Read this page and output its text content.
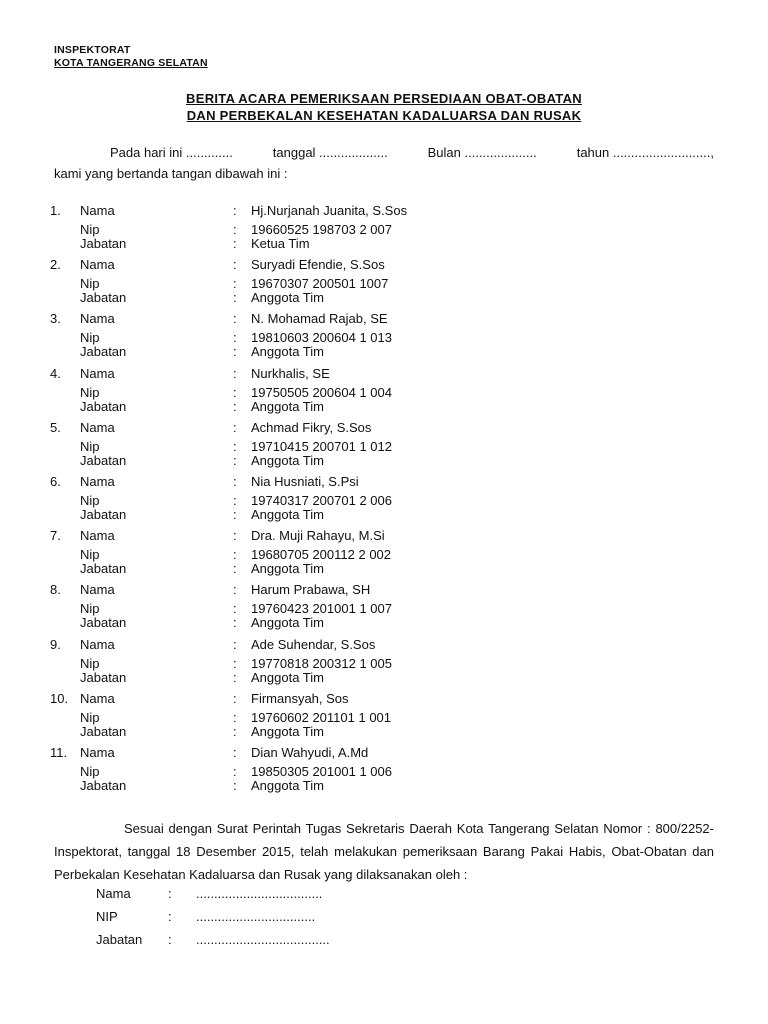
INSPEKTORAT
KOTA TANGERANG SELATAN
BERITA ACARA PEMERIKSAAN PERSEDIAAN OBAT-OBATAN
DAN PERBEKALAN KESEHATAN KADALUARSA DAN RUSAK
Pada hari ini .............	tanggal ...................	Bulan ....................	tahun ...........................,
kami yang bertanda tangan dibawah ini :
1.	Nama	: Hj.Nurjanah Juanita, S.Sos
Nip	: 19660525 198703 2 007
Jabatan	: Ketua Tim
2.	Nama	: Suryadi Efendie, S.Sos
Nip	: 19670307 200501 1007
Jabatan	: Anggota Tim
3.	Nama	: N. Mohamad Rajab, SE
Nip	: 19810603 200604 1 013
Jabatan	: Anggota Tim
4.	Nama	: Nurkhalis, SE
Nip	: 19750505 200604 1 004
Jabatan	: Anggota Tim
5.	Nama	: Achmad Fikry, S.Sos
Nip	: 19710415 200701 1 012
Jabatan	: Anggota Tim
6.	Nama	: Nia Husniati, S.Psi
Nip	: 19740317 200701 2 006
Jabatan	: Anggota Tim
7.	Nama	: Dra. Muji Rahayu, M.Si
Nip	: 19680705 200112 2 002
Jabatan	: Anggota Tim
8.	Nama	: Harum Prabawa, SH
Nip	: 19760423 201001 1 007
Jabatan	: Anggota Tim
9.	Nama	: Ade Suhendar, S.Sos
Nip	: 19770818 200312 1 005
Jabatan	: Anggota Tim
10. Nama	: Firmansyah, Sos
Nip	: 19760602 201101 1 001
Jabatan	: Anggota Tim
11. Nama	: Dian Wahyudi, A.Md
Nip	: 19850305 201001 1 006
Jabatan	: Anggota Tim

Sesuai dengan Surat Perintah Tugas Sekretaris Daerah Kota Tangerang Selatan Nomor : 800/2252-Inspektorat, tanggal 18 Desember 2015, telah melakukan pemeriksaan Barang Pakai Habis, Obat-Obatan dan Perbekalan Kesehatan Kadaluarsa dan Rusak yang dilaksanakan oleh :

Nama	: ...................................
NIP	: .................................
Jabatan : .....................................
